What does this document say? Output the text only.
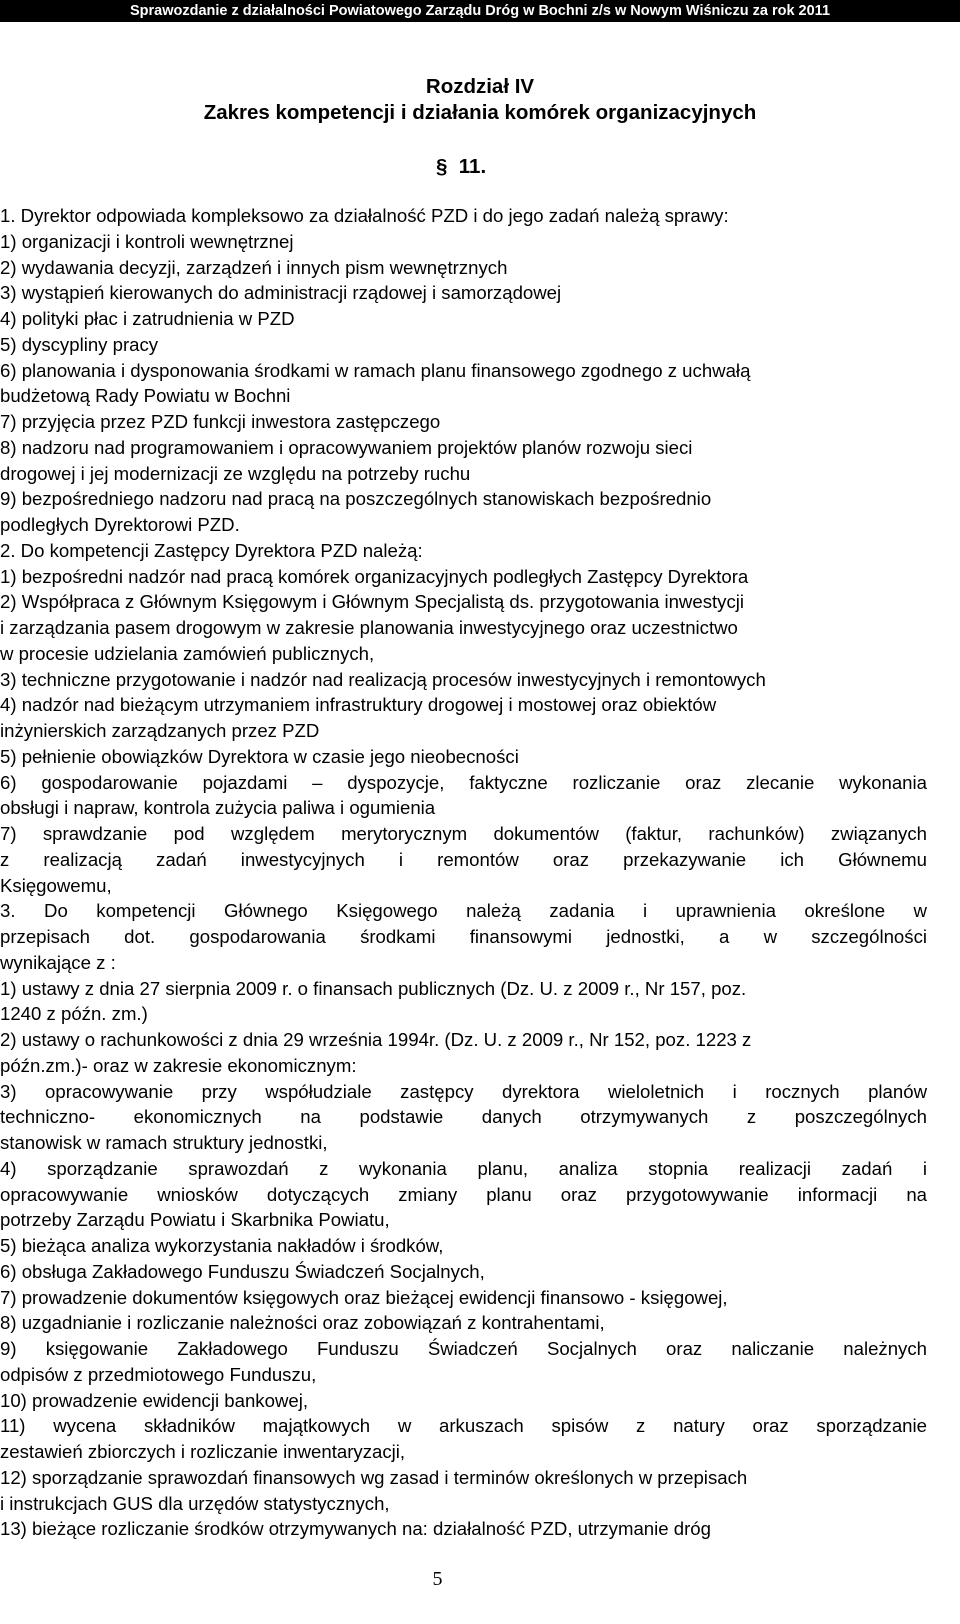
Sprawozdanie z działalności Powiatowego Zarządu Dróg w Bochni z/s w Nowym Wiśniczu za rok 2011
Rozdział IV
Zakres kompetencji i działania komórek organizacyjnych
§  11.
1. Dyrektor odpowiada kompleksowo za działalność PZD i do jego zadań należą sprawy:
1) organizacji i kontroli wewnętrznej
2) wydawania decyzji, zarządzeń i innych pism wewnętrznych
3) wystąpień kierowanych do administracji rządowej i samorządowej
4) polityki płac i zatrudnienia w PZD
5) dyscypliny pracy
6) planowania i dysponowania środkami w ramach planu finansowego zgodnego z uchwałą
budżetową Rady Powiatu w Bochni
7) przyjęcia przez PZD funkcji inwestora zastępczego
8) nadzoru nad programowaniem i opracowywaniem projektów planów rozwoju sieci
drogowej i jej modernizacji ze względu na potrzeby ruchu
9) bezpośredniego nadzoru nad pracą na poszczególnych stanowiskach bezpośrednio
podległych Dyrektorowi PZD.
2. Do kompetencji Zastępcy Dyrektora PZD należą:
1) bezpośredni nadzór nad pracą komórek organizacyjnych podległych Zastępcy Dyrektora
2) Współpraca z Głównym Księgowym i Głównym Specjalistą ds. przygotowania inwestycji
i zarządzania pasem drogowym w zakresie planowania inwestycyjnego oraz uczestnictwo
w procesie udzielania zamówień publicznych,
3) techniczne przygotowanie i nadzór nad realizacją procesów inwestycyjnych i remontowych
4) nadzór nad bieżącym utrzymaniem infrastruktury drogowej i mostowej oraz obiektów
inżynierskich zarządzanych przez PZD
5) pełnienie obowiązków Dyrektora w czasie jego nieobecności
6) gospodarowanie pojazdami – dyspozycje, faktyczne rozliczanie oraz zlecanie wykonania
obsługi i napraw, kontrola zużycia paliwa i ogumienia
7) sprawdzanie pod względem merytorycznym dokumentów (faktur, rachunków) związanych
z realizacją zadań inwestycyjnych i remontów oraz przekazywanie ich Głównemu
Księgowemu,
3. Do kompetencji Głównego Księgowego należą zadania i uprawnienia określone w
przepisach dot. gospodarowania środkami finansowymi jednostki, a w szczególności
wynikające z :
1) ustawy z dnia 27 sierpnia 2009 r. o finansach publicznych (Dz. U. z 2009 r., Nr 157, poz.
1240 z późn. zm.)
2) ustawy o rachunkowości z dnia 29 września 1994r. (Dz. U. z 2009 r., Nr 152, poz. 1223 z
późn.zm.)- oraz w zakresie ekonomicznym:
3) opracowywanie przy współudziale zastępcy dyrektora wieloletnich i rocznych planów
techniczno- ekonomicznych na podstawie danych otrzymywanych z poszczególnych
stanowisk w ramach struktury jednostki,
4) sporządzanie sprawozdań z wykonania planu, analiza stopnia realizacji zadań i
opracowywanie wniosków dotyczących zmiany planu oraz przygotowywanie informacji na
potrzeby Zarządu Powiatu i Skarbnika Powiatu,
5) bieżąca analiza wykorzystania nakładów i środków,
6) obsługa Zakładowego Funduszu Świadczeń Socjalnych,
7) prowadzenie dokumentów księgowych oraz bieżącej ewidencji finansowo - księgowej,
8) uzgadnianie i rozliczanie należności oraz zobowiązań z kontrahentami,
9) księgowanie Zakładowego Funduszu Świadczeń Socjalnych oraz naliczanie należnych
odpisów z przedmiotowego Funduszu,
10) prowadzenie ewidencji bankowej,
11) wycena składników majątkowych w arkuszach spisów z natury oraz sporządzanie
zestawień zbiorczych i rozliczanie inwentaryzacji,
12) sporządzanie sprawozdań finansowych wg zasad i terminów określonych w przepisach
i instrukcjach GUS dla urzędów statystycznych,
13) bieżące rozliczanie środków otrzymywanych na: działalność PZD, utrzymanie dróg
5
